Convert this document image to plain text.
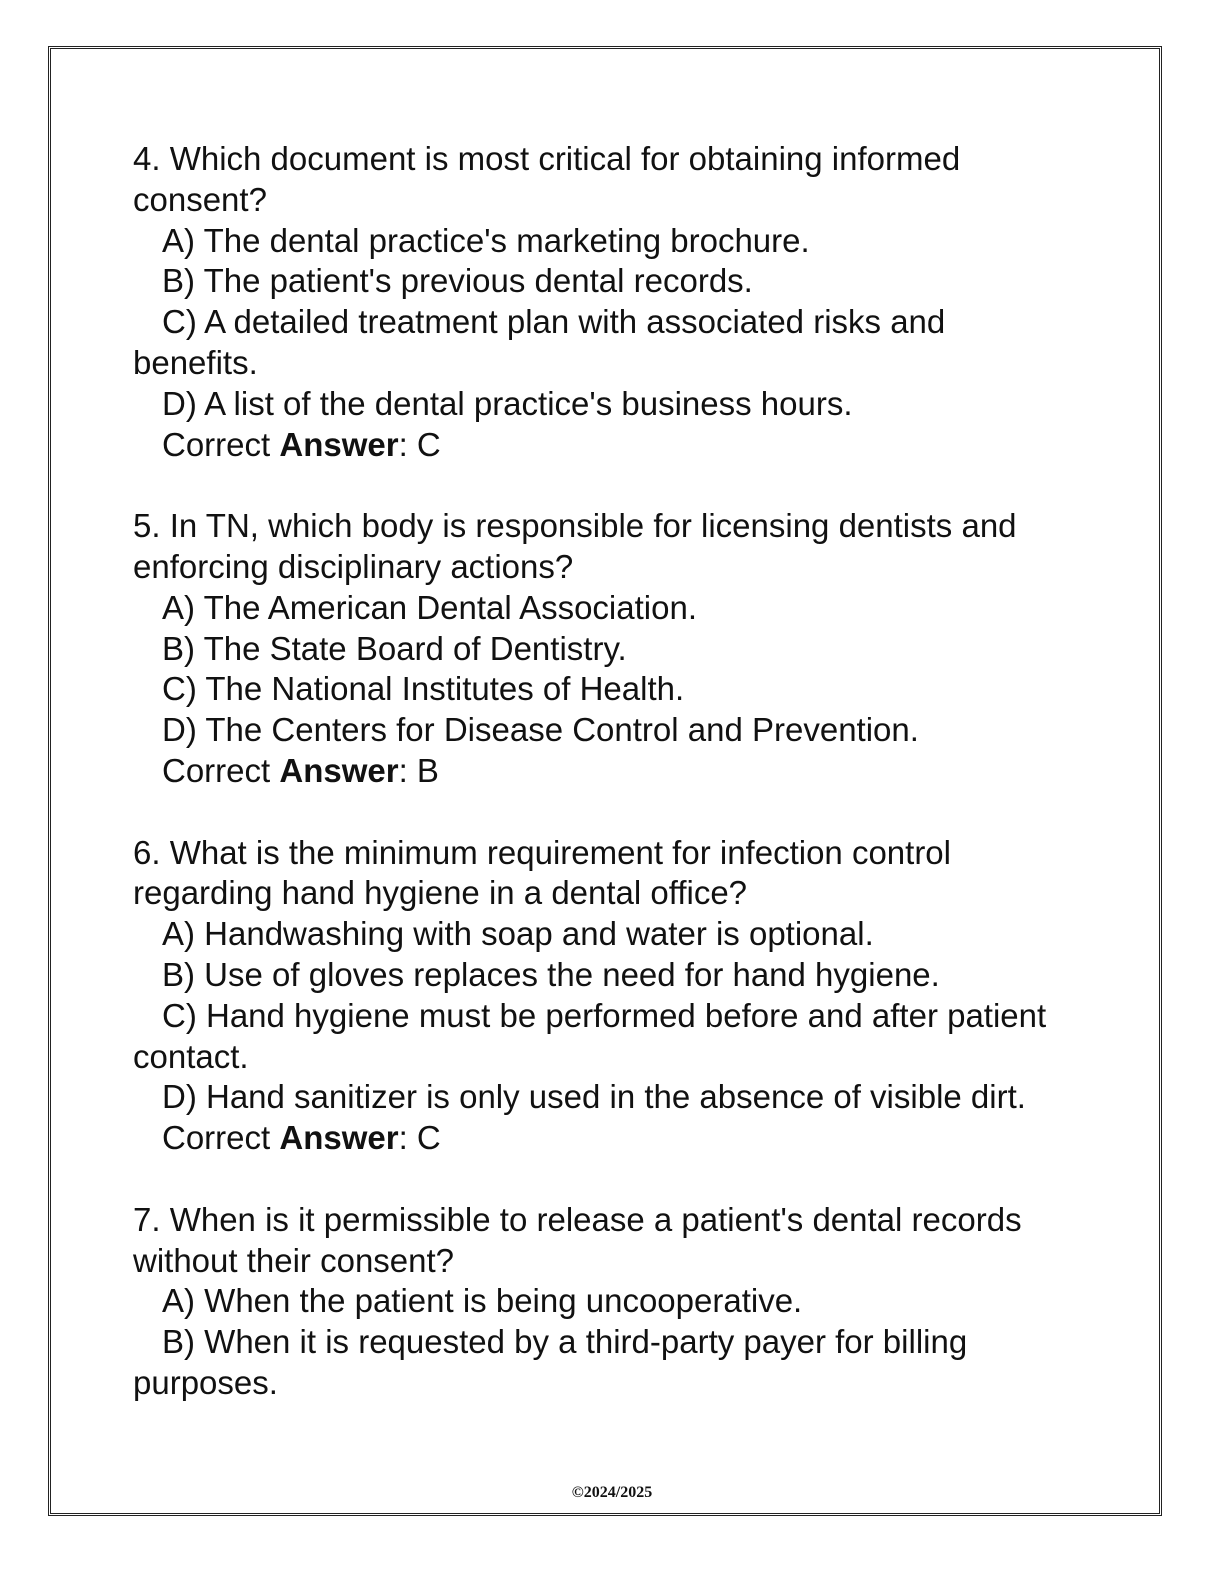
4. Which document is most critical for obtaining informed consent?
A) The dental practice's marketing brochure.
B) The patient's previous dental records.
C) A detailed treatment plan with associated risks and benefits.
D) A list of the dental practice's business hours.
Correct Answer: C
5. In TN, which body is responsible for licensing dentists and enforcing disciplinary actions?
A) The American Dental Association.
B) The State Board of Dentistry.
C) The National Institutes of Health.
D) The Centers for Disease Control and Prevention.
Correct Answer: B
6. What is the minimum requirement for infection control regarding hand hygiene in a dental office?
A) Handwashing with soap and water is optional.
B) Use of gloves replaces the need for hand hygiene.
C) Hand hygiene must be performed before and after patient contact.
D) Hand sanitizer is only used in the absence of visible dirt.
Correct Answer: C
7. When is it permissible to release a patient's dental records without their consent?
A) When the patient is being uncooperative.
B) When it is requested by a third-party payer for billing purposes.
©2024/2025
